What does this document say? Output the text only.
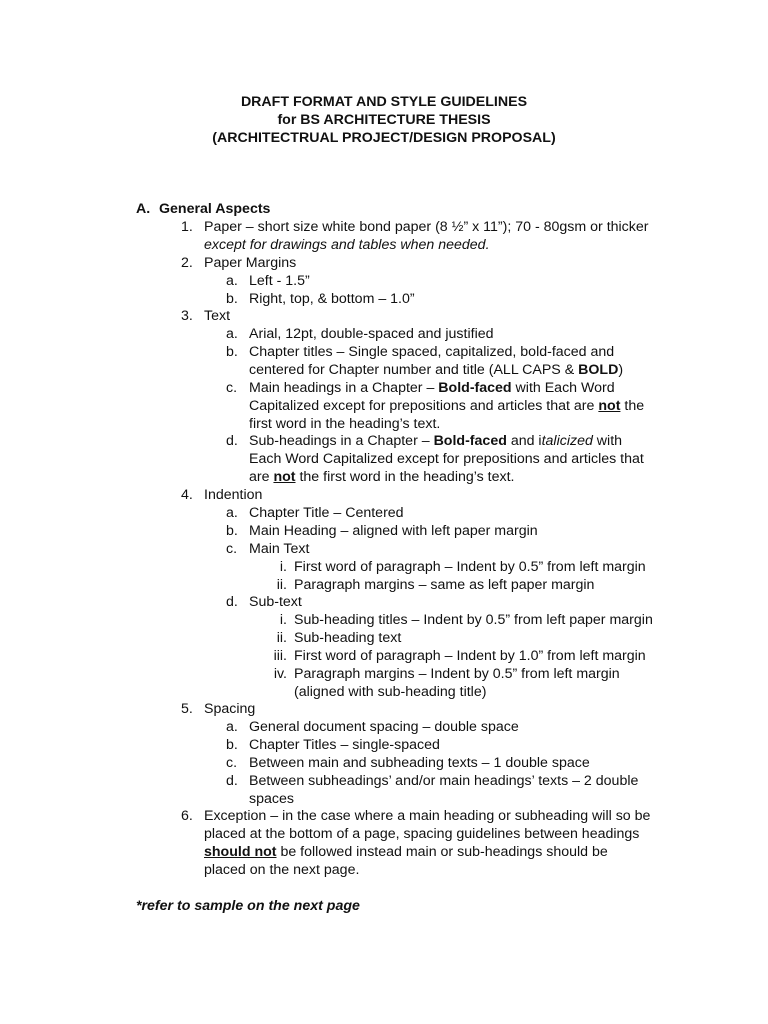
DRAFT FORMAT AND STYLE GUIDELINES
for BS ARCHITECTURE THESIS
(ARCHITECTRUAL PROJECT/DESIGN PROPOSAL)
A. General Aspects
1. Paper – short size white bond paper (8 ½” x 11”); 70 - 80gsm or thicker
except for drawings and tables when needed.
2. Paper Margins
a. Left - 1.5”
b. Right, top, & bottom – 1.0”
3. Text
a. Arial, 12pt, double-spaced and justified
b. Chapter titles – Single spaced, capitalized, bold-faced and
centered for Chapter number and title (ALL CAPS & BOLD)
c. Main headings in a Chapter – Bold-faced with Each Word
Capitalized except for prepositions and articles that are not the
first word in the heading’s text.
d. Sub-headings in a Chapter – Bold-faced and italicized with
Each Word Capitalized except for prepositions and articles that
are not the first word in the heading’s text.
4. Indention
a. Chapter Title – Centered
b. Main Heading – aligned with left paper margin
c. Main Text
i. First word of paragraph – Indent by 0.5” from left margin
ii. Paragraph margins – same as left paper margin
d. Sub-text
i. Sub-heading titles – Indent by 0.5” from left paper margin
ii. Sub-heading text
iii. First word of paragraph – Indent by 1.0” from left margin
iv. Paragraph margins – Indent by 0.5” from left margin
(aligned with sub-heading title)
5. Spacing
a. General document spacing – double space
b. Chapter Titles – single-spaced
c. Between main and subheading texts – 1 double space
d. Between subheadings’ and/or main headings’ texts – 2 double
spaces
6. Exception – in the case where a main heading or subheading will so be
placed at the bottom of a page, spacing guidelines between headings
should not be followed instead main or sub-headings should be
placed on the next page.
*refer to sample on the next page
